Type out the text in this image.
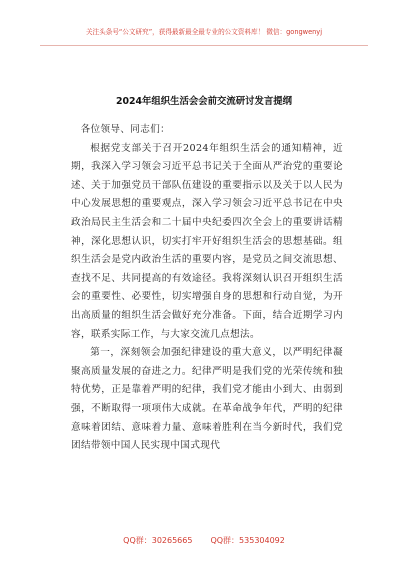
关注头条号“公文研究”，获得最新最全最专业的公文资料库！ 微信：gongwenyj
2024年组织生活会会前交流研讨发言提纲

各位领导、同志们：

根据党支部关于召开2024年组织生活会的通知精神，近期，我深入学习领会习近平总书记关于全面从严治党的重要论述、关于加强党员干部队伍建设的重要指示以及关于以人民为中心发展思想的重要观点，深入学习领会习近平总书记在中央政治局民主生活会和二十届中央纪委四次全会上的重要讲话精神，深化思想认识，切实打牢开好组织生活会的思想基础。组织生活会是党内政治生活的重要内容，是党员之间交流思想、查找不足、共同提高的有效途径。我将深刻认识召开组织生活会的重要性、必要性，切实增强自身的思想和行动自觉，为开出高质量的组织生活会做好充分准备。下面，结合近期学习内容，联系实际工作，与大家交流几点想法。

第一，深刻领会加强纪律建设的重大意义，以严明纪律凝聚高质量发展的奋进之力。纪律严明是我们党的光荣传统和独特优势，正是靠着严明的纪律，我们党才能由小到大、由弱到强，不断取得一项项伟大成就。在革命战争年代，严明的纪律意味着团结、意味着力量、意味着胜利在当今新时代，我们党团结带领中国人民实现中国式现代

QQ群：30265665 QQ群：535304092
